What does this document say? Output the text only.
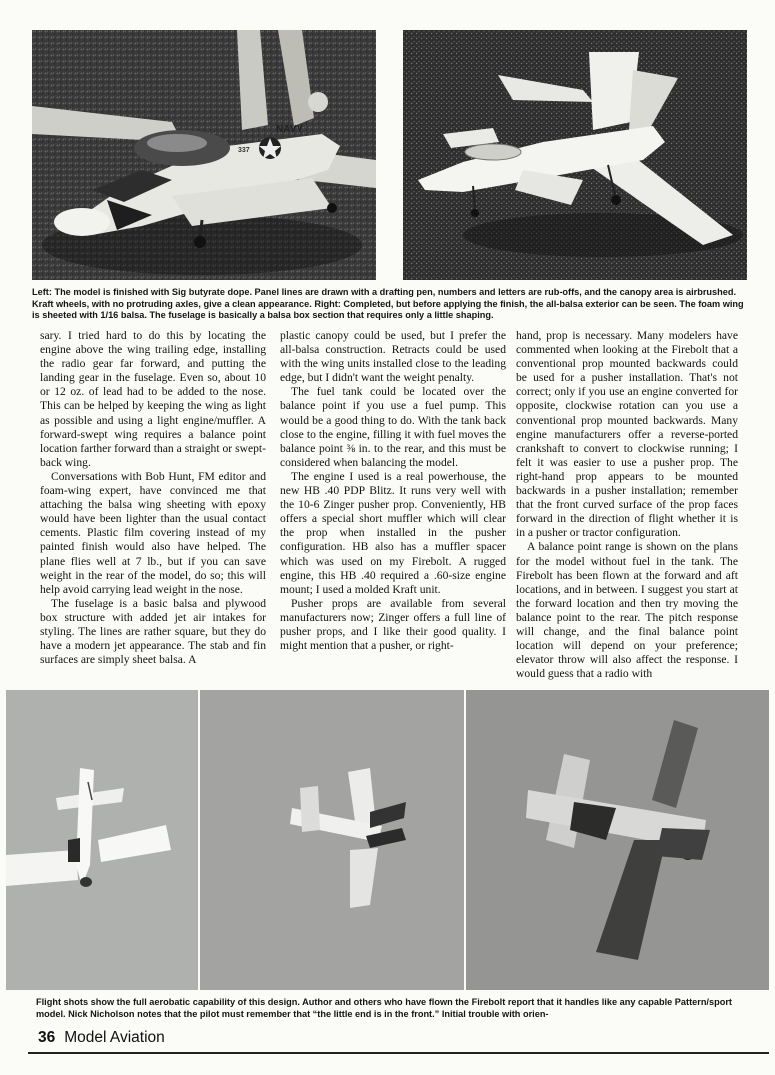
NAVY
337
Left: The model is finished with Sig butyrate dope. Panel lines are drawn with a drafting pen, numbers and letters are rub-offs, and the canopy area is airbrushed. Kraft wheels, with no protruding axles, give a clean appearance. Right: Completed, but before applying the finish, the all-balsa exterior can be seen. The foam wing is sheeted with 1/16 balsa. The fuselage is basically a balsa box section that requires only a little shaping.

sary. I tried hard to do this by locating the engine above the wing trailing edge, installing the radio gear far forward, and putting the landing gear in the fuselage. Even so, about 10 or 12 oz. of lead had to be added to the nose. This can be helped by keeping the wing as light as possible and using a light engine/muffler. A forward-swept wing requires a balance point location farther forward than a straight or swept-back wing.

Conversations with Bob Hunt, FM editor and foam-wing expert, have convinced me that attaching the balsa wing sheeting with epoxy would have been lighter than the usual contact cements. Plastic film covering instead of my painted finish would also have helped. The plane flies well at 7 lb., but if you can save weight in the rear of the model, do so; this will help avoid carrying lead weight in the nose.

The fuselage is a basic balsa and plywood box structure with added jet air intakes for styling. The lines are rather square, but they do have a modern jet appearance. The stab and fin surfaces are simply sheet balsa. A

plastic canopy could be used, but I prefer the all-balsa construction. Retracts could be used with the wing units installed close to the leading edge, but I didn't want the weight penalty.

The fuel tank could be located over the balance point if you use a fuel pump. This would be a good thing to do. With the tank back close to the engine, filling it with fuel moves the balance point ⅜ in. to the rear, and this must be considered when balancing the model.

The engine I used is a real powerhouse, the new HB .40 PDP Blitz. It runs very well with the 10-6 Zinger pusher prop. Conveniently, HB offers a special short muffler which will clear the prop when installed in the pusher configuration. HB also has a muffler spacer which was used on my Firebolt. A rugged engine, this HB .40 required a .60-size engine mount; I used a molded Kraft unit.

Pusher props are available from several manufacturers now; Zinger offers a full line of pusher props, and I like their good quality. I might mention that a pusher, or right-

hand, prop is necessary. Many modelers have commented when looking at the Firebolt that a conventional prop mounted backwards could be used for a pusher installation. That's not correct; only if you use an engine converted for opposite, clockwise rotation can you use a conventional prop mounted backwards. Many engine manufacturers offer a reverse-ported crankshaft to convert to clockwise running; I felt it was easier to use a pusher prop. The right-hand prop appears to be mounted backwards in a pusher installation; remember that the front curved surface of the prop faces forward in the direction of flight whether it is in a pusher or tractor configuration.

A balance point range is shown on the plans for the model without fuel in the tank. The Firebolt has been flown at the forward and aft locations, and in between. I suggest you start at the forward location and then try moving the balance point to the rear. The pitch response will change, and the final balance point location will depend on your preference; elevator throw will also affect the response. I would guess that a radio with

Flight shots show the full aerobatic capability of this design. Author and others who have flown the Firebolt report that it handles like any capable Pattern/sport model. Nick Nicholson notes that the pilot must remember that “the little end is in the front.” Initial trouble with orien-
36 Model Aviation
